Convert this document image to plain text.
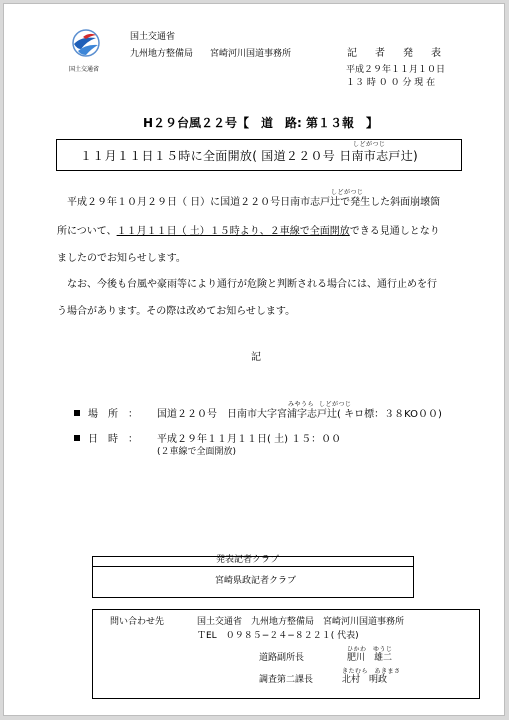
国土交通省
国土交通省
九州地方整備局 宮崎河川国道事務所	記　者　発　表
平成２９年１１月１０日
１３ 時 ０ ０ 分 現 在
H２９台風２２号【　道　路: 第１３報　】
しどがつじ
１１月１１日１５時に全面開放( 国道２２０号 日南市志戸辻)
しどがつじ
平成２９年１０月２９日（ 日）に国道２２０号日南市志戸辻で発生した斜面崩壊箇
所について、１１月１１日（ 土）１５時より、２車線で全面開放できる見通しとなり
ましたのでお知らせします。
なお、今後も台風や豪雨等により通行が危険と判断される場合には、通行止めを行
う場合があります。その際は改めてお知らせします。
記
みやうら しどがつじ
場　所　： 国道２２０号　日南市大字宮浦字志戸辻( キロ標：３８KO００)
日　時　： 平成２９年１１月１１日( 土) １５：００
(２車線で全面開放)
発表記者クラブ
宮崎県政記者クラブ
問い合わせ先	国土交通省　九州地方整備局　宮崎河川国道事務所
ＴEL　０９８５−２４−８２２１( 代表)
ひかわ　ゆうじ
道路副所長	肥川　雄二
きたむら　あきまさ
調査第二課長	北村　明政
